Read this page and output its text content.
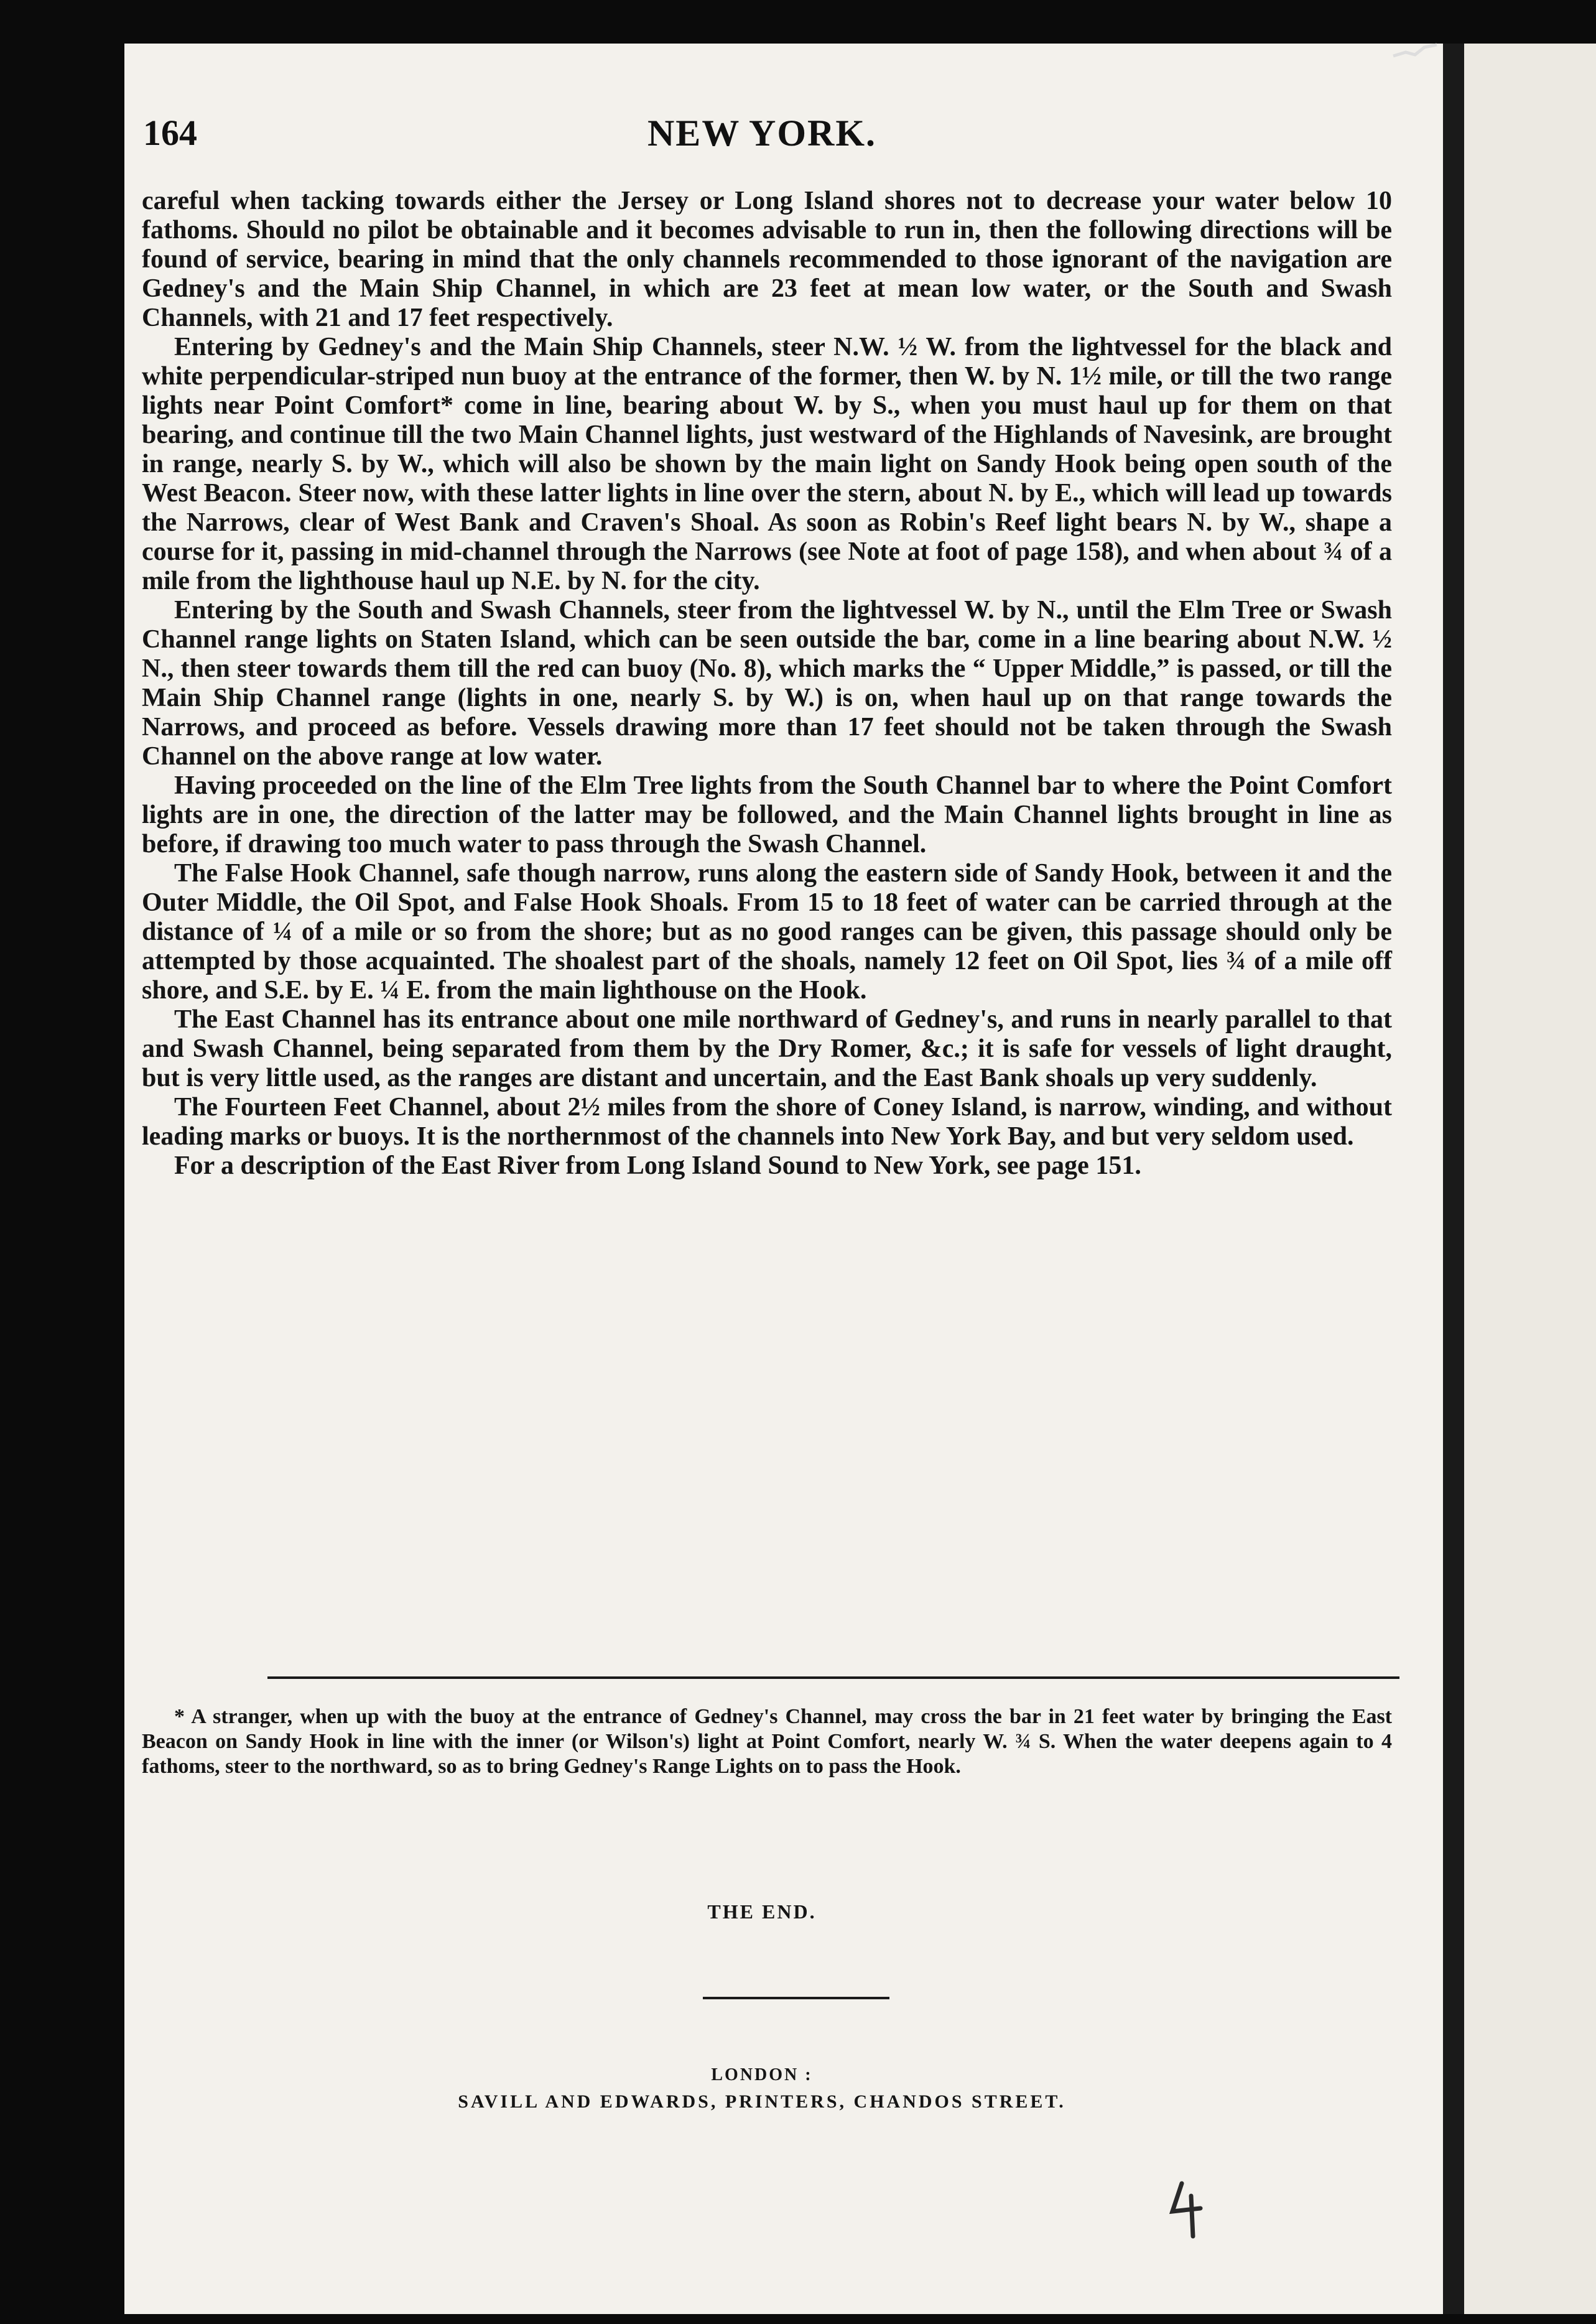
164	NEW YORK.

careful when tacking towards either the Jersey or Long Island shores not to decrease your water below 10 fathoms. Should no pilot be obtainable and it becomes advisable to run in, then the following directions will be found of service, bearing in mind that the only channels recommended to those ignorant of the navigation are Gedney's and the Main Ship Channel, in which are 23 feet at mean low water, or the South and Swash Channels, with 21 and 17 feet respectively.

Entering by Gedney's and the Main Ship Channels, steer N.W. ½ W. from the lightvessel for the black and white perpendicular-striped nun buoy at the entrance of the former, then W. by N. 1½ mile, or till the two range lights near Point Comfort* come in line, bearing about W. by S., when you must haul up for them on that bearing, and continue till the two Main Channel lights, just westward of the Highlands of Navesink, are brought in range, nearly S. by W., which will also be shown by the main light on Sandy Hook being open south of the West Beacon. Steer now, with these latter lights in line over the stern, about N. by E., which will lead up towards the Narrows, clear of West Bank and Craven's Shoal. As soon as Robin's Reef light bears N. by W., shape a course for it, passing in mid-channel through the Narrows (see Note at foot of page 158), and when about ¾ of a mile from the lighthouse haul up N.E. by N. for the city.

Entering by the South and Swash Channels, steer from the lightvessel W. by N., until the Elm Tree or Swash Channel range lights on Staten Island, which can be seen outside the bar, come in a line bearing about N.W. ½ N., then steer towards them till the red can buoy (No. 8), which marks the “ Upper Middle,” is passed, or till the Main Ship Channel range (lights in one, nearly S. by W.) is on, when haul up on that range towards the Narrows, and proceed as before. Vessels drawing more than 17 feet should not be taken through the Swash Channel on the above range at low water.

Having proceeded on the line of the Elm Tree lights from the South Channel bar to where the Point Comfort lights are in one, the direction of the latter may be followed, and the Main Channel lights brought in line as before, if drawing too much water to pass through the Swash Channel.

The False Hook Channel, safe though narrow, runs along the eastern side of Sandy Hook, between it and the Outer Middle, the Oil Spot, and False Hook Shoals. From 15 to 18 feet of water can be carried through at the distance of ¼ of a mile or so from the shore; but as no good ranges can be given, this passage should only be attempted by those acquainted. The shoalest part of the shoals, namely 12 feet on Oil Spot, lies ¾ of a mile off shore, and S.E. by E. ¼ E. from the main lighthouse on the Hook.

The East Channel has its entrance about one mile northward of Gedney's, and runs in nearly parallel to that and Swash Channel, being separated from them by the Dry Romer, &c.; it is safe for vessels of light draught, but is very little used, as the ranges are distant and uncertain, and the East Bank shoals up very suddenly.

The Fourteen Feet Channel, about 2½ miles from the shore of Coney Island, is narrow, winding, and without leading marks or buoys. It is the northernmost of the channels into New York Bay, and but very seldom used.

For a description of the East River from Long Island Sound to New York, see page 151.

* A stranger, when up with the buoy at the entrance of Gedney's Channel, may cross the bar in 21 feet water by bringing the East Beacon on Sandy Hook in line with the inner (or Wilson's) light at Point Comfort, nearly W. ¾ S. When the water deepens again to 4 fathoms, steer to the northward, so as to bring Gedney's Range Lights on to pass the Hook.

THE END.
LONDON :
SAVILL AND EDWARDS, PRINTERS, CHANDOS STREET.
